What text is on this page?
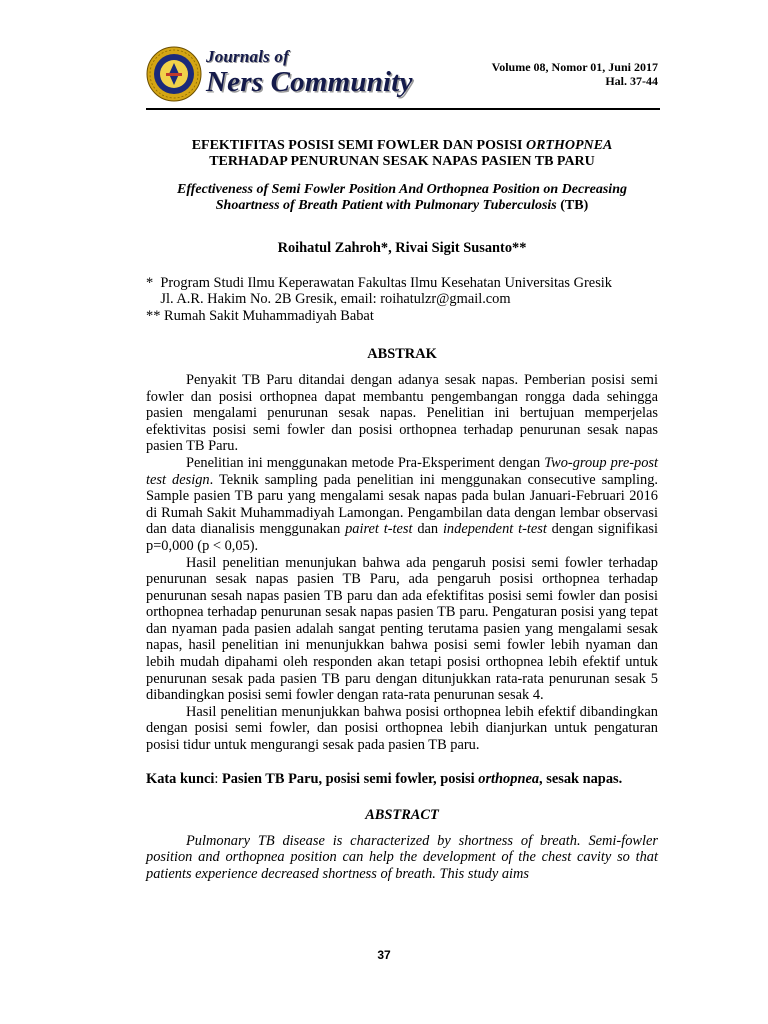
Journals of
Ners Community	Volume 08, Nomor 01, Juni 2017
Hal. 37-44
EFEKTIFITAS POSISI SEMI FOWLER DAN POSISI ORTHOPNEA
TERHADAP PENURUNAN SESAK NAPAS PASIEN TB PARU
Effectiveness of Semi Fowler Position And Orthopnea Position on Decreasing
Shoartness of Breath Patient with Pulmonary Tuberculosis (TB)
Roihatul Zahroh*, Rivai Sigit Susanto**
*  Program Studi Ilmu Keperawatan Fakultas Ilmu Kesehatan Universitas Gresik
Jl. A.R. Hakim No. 2B Gresik, email: roihatulzr@gmail.com
** Rumah Sakit Muhammadiyah Babat
ABSTRAK

Penyakit TB Paru ditandai dengan adanya sesak napas. Pemberian posisi semi fowler dan posisi orthopnea dapat membantu pengembangan rongga dada sehingga pasien mengalami penurunan sesak napas. Penelitian ini bertujuan memperjelas efektivitas posisi semi fowler dan posisi orthopnea terhadap penurunan sesak napas pasien TB Paru.

Penelitian ini menggunakan metode Pra-Eksperiment dengan Two-group pre-post test design. Teknik sampling pada penelitian ini menggunakan consecutive sampling. Sample pasien TB paru yang mengalami sesak napas pada bulan Januari-Februari 2016 di Rumah Sakit Muhammadiyah Lamongan. Pengambilan data dengan lembar observasi dan data dianalisis menggunakan pairet t-test dan independent t-test dengan signifikasi p=0,000 (p < 0,05).

Hasil penelitian menunjukan bahwa ada pengaruh posisi semi fowler terhadap penurunan sesak napas pasien TB Paru, ada pengaruh posisi orthopnea terhadap penurunan sesah napas pasien TB paru dan ada efektifitas posisi semi fowler dan posisi orthopnea terhadap penurunan sesak napas pasien TB paru. Pengaturan posisi yang tepat dan nyaman pada pasien adalah sangat penting terutama pasien yang mengalami sesak napas, hasil penelitian ini menunjukkan bahwa posisi semi fowler lebih nyaman dan lebih mudah dipahami oleh responden akan tetapi posisi orthopnea lebih efektif untuk penurunan sesak pada pasien TB paru dengan ditunjukkan rata-rata penurunan sesak 5 dibandingkan posisi semi fowler dengan rata-rata penurunan sesak 4.

Hasil penelitian menunjukkan bahwa posisi orthopnea lebih efektif dibandingkan dengan posisi semi fowler, dan posisi orthopnea lebih dianjurkan untuk pengaturan posisi tidur untuk mengurangi sesak pada pasien TB paru.

Kata kunci: Pasien TB Paru, posisi semi fowler, posisi orthopnea, sesak napas.
ABSTRACT

Pulmonary TB disease is characterized by shortness of breath. Semi-fowler position and orthopnea position can help the development of the chest cavity so that patients experience decreased shortness of breath. This study aims

37
